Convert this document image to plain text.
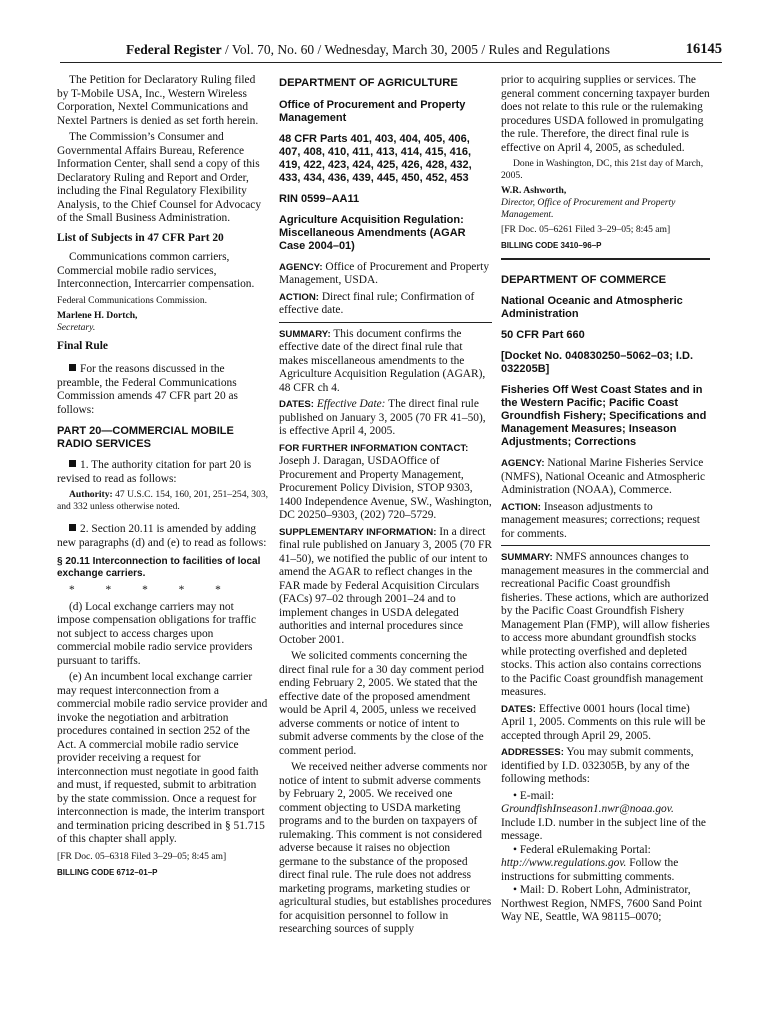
Federal Register / Vol. 70, No. 60 / Wednesday, March 30, 2005 / Rules and Regulations	16145

The Petition for Declaratory Ruling filed by T-Mobile USA, Inc., Western Wireless Corporation, Nextel Communications and Nextel Partners is denied as set forth herein.

The Commission’s Consumer and Governmental Affairs Bureau, Reference Information Center, shall send a copy of this Declaratory Ruling and Report and Order, including the Final Regulatory Flexibility Analysis, to the Chief Counsel for Advocacy of the Small Business Administration.

List of Subjects in 47 CFR Part 20

Communications common carriers, Commercial mobile radio services, Interconnection, Intercarrier compensation.

Federal Communications Commission.

Marlene H. Dortch,

Secretary.

Final Rule

For the reasons discussed in the preamble, the Federal Communications Commission amends 47 CFR part 20 as follows:

PART 20—COMMERCIAL MOBILE RADIO SERVICES

1. The authority citation for part 20 is revised to read as follows:

Authority: 47 U.S.C. 154, 160, 201, 251–254, 303, and 332 unless otherwise noted.

2. Section 20.11 is amended by adding new paragraphs (d) and (e) to read as follows:

§ 20.11 Interconnection to facilities of local exchange carriers.

* * * * *

(d) Local exchange carriers may not impose compensation obligations for traffic not subject to access charges upon commercial mobile radio service providers pursuant to tariffs.

(e) An incumbent local exchange carrier may request interconnection from a commercial mobile radio service provider and invoke the negotiation and arbitration procedures contained in section 252 of the Act. A commercial mobile radio service provider receiving a request for interconnection must negotiate in good faith and must, if requested, submit to arbitration by the state commission. Once a request for interconnection is made, the interim transport and termination pricing described in § 51.715 of this chapter shall apply.

[FR Doc. 05–6318 Filed 3–29–05; 8:45 am]

BILLING CODE 6712–01–P

DEPARTMENT OF AGRICULTURE

Office of Procurement and Property Management

48 CFR Parts 401, 403, 404, 405, 406, 407, 408, 410, 411, 413, 414, 415, 416, 419, 422, 423, 424, 425, 426, 428, 432, 433, 434, 436, 439, 445, 450, 452, 453

RIN 0599–AA11

Agriculture Acquisition Regulation: Miscellaneous Amendments (AGAR Case 2004–01)

AGENCY: Office of Procurement and Property Management, USDA.

ACTION: Direct final rule; Confirmation of effective date.

SUMMARY: This document confirms the effective date of the direct final rule that makes miscellaneous amendments to the Agriculture Acquisition Regulation (AGAR), 48 CFR ch 4.

DATES: Effective Date: The direct final rule published on January 3, 2005 (70 FR 41–50), is effective April 4, 2005.

FOR FURTHER INFORMATION CONTACT: Joseph J. Daragan, USDAOffice of Procurement and Property Management, Procurement Policy Division, STOP 9303, 1400 Independence Avenue, SW., Washington, DC 20250–9303, (202) 720–5729.

SUPPLEMENTARY INFORMATION: In a direct final rule published on January 3, 2005 (70 FR 41–50), we notified the public of our intent to amend the AGAR to reflect changes in the FAR made by Federal Acquisition Circulars (FACs) 97–02 through 2001–24 and to implement changes in USDA delegated authorities and internal procedures since October 2001.

We solicited comments concerning the direct final rule for a 30 day comment period ending February 2, 2005. We stated that the effective date of the proposed amendment would be April 4, 2005, unless we received adverse comments or notice of intent to submit adverse comments by the close of the comment period.

We received neither adverse comments nor notice of intent to submit adverse comments by February 2, 2005. We received one comment objecting to USDA marketing programs and to the burden on taxpayers of rulemaking. This comment is not considered adverse because it raises no objection germane to the substance of the proposed direct final rule. The rule does not address marketing programs, marketing studies or agricultural studies, but establishes procedures for acquisition personnel to follow in researching sources of supply

prior to acquiring supplies or services. The general comment concerning taxpayer burden does not relate to this rule or the rulemaking procedures USDA followed in promulgating the rule. Therefore, the direct final rule is effective on April 4, 2005, as scheduled.

Done in Washington, DC, this 21st day of March, 2005.

W.R. Ashworth,

Director, Office of Procurement and Property Management.

[FR Doc. 05–6261 Filed 3–29–05; 8:45 am]

BILLING CODE 3410–96–P

DEPARTMENT OF COMMERCE

National Oceanic and Atmospheric Administration

50 CFR Part 660

[Docket No. 040830250–5062–03; I.D. 032205B]

Fisheries Off West Coast States and in the Western Pacific; Pacific Coast Groundfish Fishery; Specifications and Management Measures; Inseason Adjustments; Corrections

AGENCY: National Marine Fisheries Service (NMFS), National Oceanic and Atmospheric Administration (NOAA), Commerce.

ACTION: Inseason adjustments to management measures; corrections; request for comments.

SUMMARY: NMFS announces changes to management measures in the commercial and recreational Pacific Coast groundfish fisheries. These actions, which are authorized by the Pacific Coast Groundfish Fishery Management Plan (FMP), will allow fisheries to access more abundant groundfish stocks while protecting overfished and depleted stocks. This action also contains corrections to the Pacific Coast groundfish management measures.

DATES: Effective 0001 hours (local time) April 1, 2005. Comments on this rule will be accepted through April 29, 2005.

ADDRESSES: You may submit comments, identified by I.D. 032305B, by any of the following methods:

• E-mail:
GroundfishInseason1.nwr@noaa.gov. Include I.D. number in the subject line of the message.

• Federal eRulemaking Portal: http://www.regulations.gov. Follow the instructions for submitting comments.

• Mail: D. Robert Lohn, Administrator, Northwest Region, NMFS, 7600 Sand Point Way NE, Seattle, WA 98115–0070;
